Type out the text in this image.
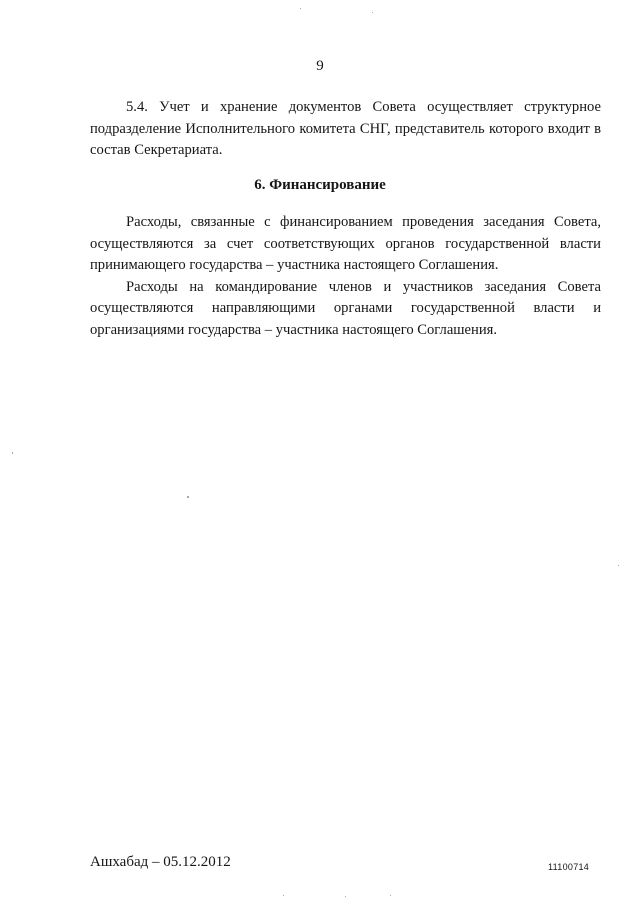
9

5.4. Учет и хранение документов Совета осуществляет структурное подразделение Исполнительного комитета СНГ, представитель которого входит в состав Секретариата.

6. Финансирование

Расходы, связанные с финансированием проведения заседания Совета, осуществляются за счет соответствующих органов государственной власти принимающего государства – участника настоящего Соглашения.

Расходы на командирование членов и участников заседания Совета осуществляются направляющими органами государственной власти и организациями государства – участника настоящего Соглашения.

Ашхабад – 05.12.2012	11100714
